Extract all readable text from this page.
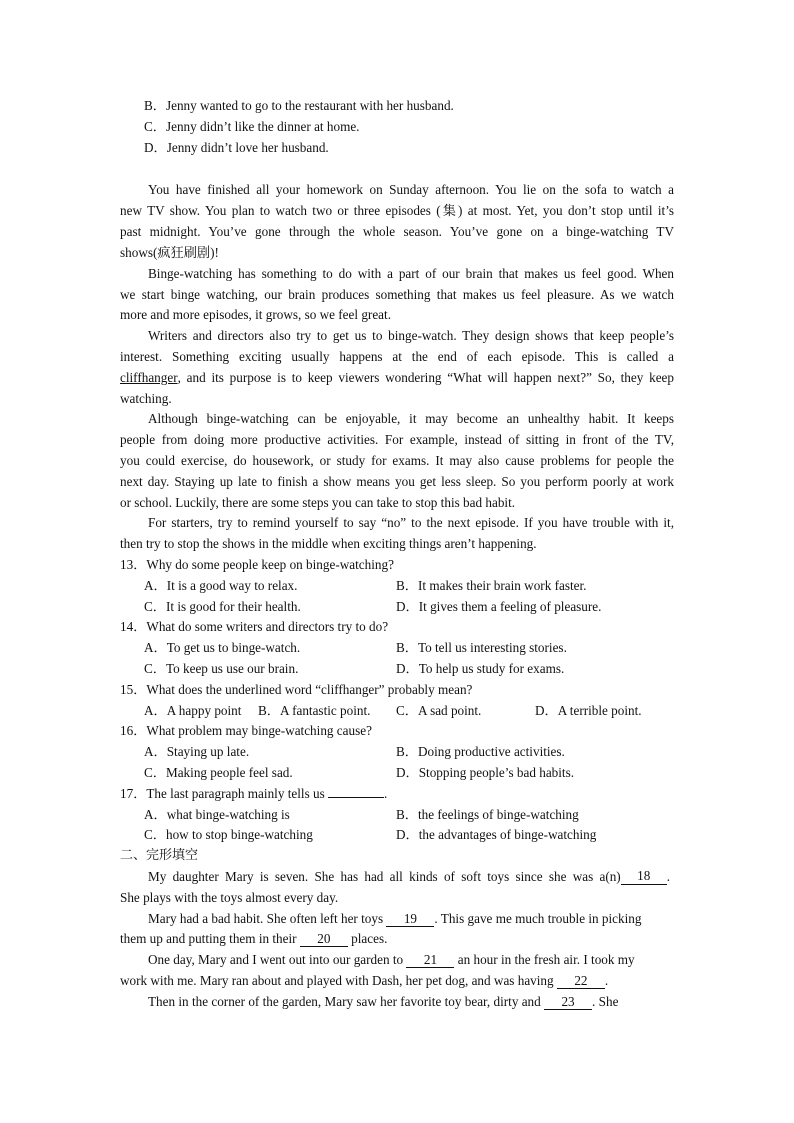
B．Jenny wanted to go to the restaurant with her husband.
C．Jenny didn’t like the dinner at home.
D．Jenny didn’t love her husband.
You have finished all your homework on Sunday afternoon. You lie on the sofa to watch a
new TV show. You plan to watch two or three episodes (集) at most. Yet, you don’t stop until it’s
past midnight. You’ve gone through the whole season. You’ve gone on a binge-watching TV
shows(疯狂刷剧)!
Binge-watching has something to do with a part of our brain that makes us feel good. When
we start binge watching, our brain produces something that makes us feel pleasure. As we watch
more and more episodes, it grows, so we feel great.
Writers and directors also try to get us to binge-watch. They design shows that keep people’s
interest. Something exciting usually happens at the end of each episode. This is called a
cliffhanger , and its purpose is to keep viewers wondering “What will happen next?” So, they keep
watching.
Although binge-watching can be enjoyable, it may become an unhealthy habit. It keeps
people from doing more productive activities. For example, instead of sitting in front of the TV,
you could exercise, do housework, or study for exams. It may also cause problems for people the
next day. Staying up late to finish a show means you get less sleep. So you perform poorly at work
or school. Luckily, there are some steps you can take to stop this bad habit.
For starters, try to remind yourself to say “no” to the next episode. If you have trouble with it,
then try to stop the shows in the middle when exciting things aren’t happening.
13．Why do some people keep on binge-watching?
A．It is a good way to relax.	B．It makes their brain work faster.
C．It is good for their health.	D．It gives them a feeling of pleasure.
14．What do some writers and directors try to do?
A．To get us to binge-watch.	B．To tell us interesting stories.
C．To keep us use our brain.	D．To help us study for exams.
15．What does the underlined word “cliffhanger” probably mean?
A．A happy point B．A fantastic point. C．A sad point.	D．A terrible point.
16．What problem may binge-watching cause?
A．Staying up late.	B．Doing productive activities.
C．Making people feel sad.	D．Stopping people’s bad habits.
17．The last paragraph mainly tells us	.
A．what binge-watching is	B．the feelings of binge-watching
C．how to stop binge-watching	D．the advantages of binge-watching
二、完形填空
My daughter Mary is seven. She has had all kinds of soft toys since she was a(n)	18	.
She plays with the toys almost every day.
Mary had a bad habit. She often left her toys 19 . This gave me much trouble in picking
them up and putting them in their 20 places.
One day, Mary and I went out into our garden to 21 an hour in the fresh air. I took my
work with me. Mary ran about and played with Dash, her pet dog, and was having 22 .
Then in the corner of the garden, Mary saw her favorite toy bear, dirty and 23 . She
